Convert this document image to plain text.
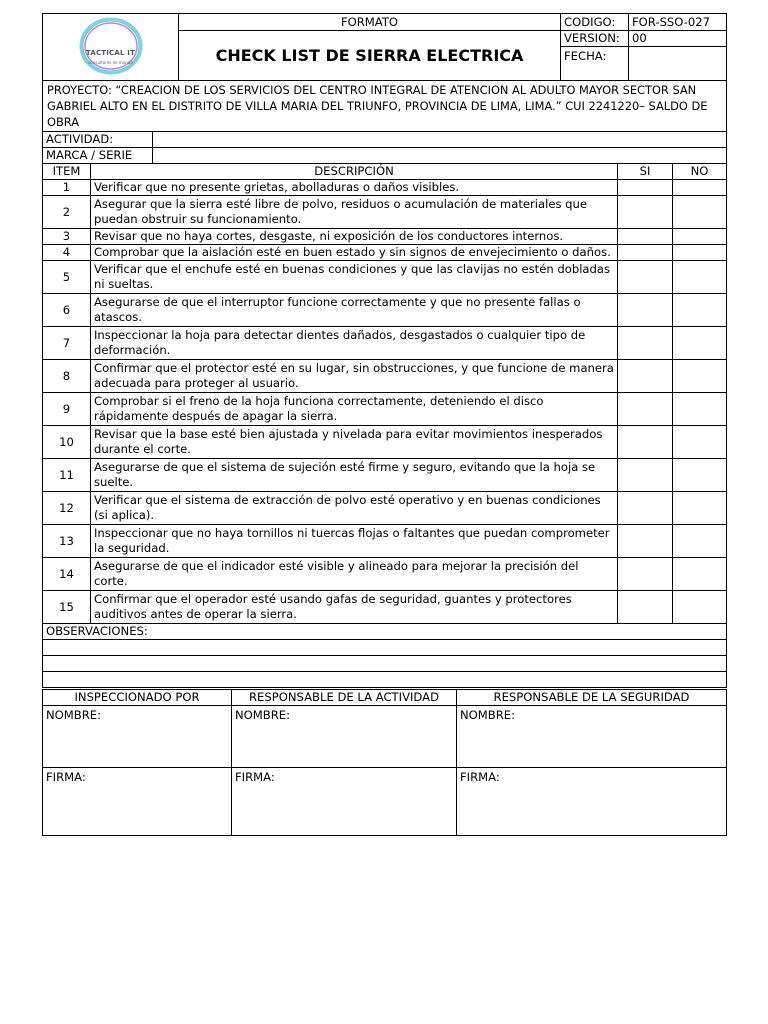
TACTICAL IT
consultores de mundo	FORMATO	CODIGO:	FOR-SSO-027
	CHECK LIST DE SIERRA ELECTRICA	VERSION:	00
		FECHA:	
PROYECTO: “CREACION DE LOS SERVICIOS DEL CENTRO INTEGRAL DE ATENCION AL ADULTO MAYOR SECTOR SAN GABRIEL ALTO EN EL DISTRITO DE VILLA MARIA DEL TRIUNFO, PROVINCIA DE LIMA, LIMA.” CUI 2241220– SALDO DE OBRA	
ACTIVIDAD:	
MARCA / SERIE	
ITEM	DESCRIPCIÓN	SI	NO
1	Verificar que no presente grietas, abolladuras o daños visibles.		
2	Asegurar que la sierra esté libre de polvo, residuos o acumulación de materiales que puedan obstruir su funcionamiento.		
3	Revisar que no haya cortes, desgaste, ni exposición de los conductores internos.		
4	Comprobar que la aislación esté en buen estado y sin signos de envejecimiento o daños.		
5	Verificar que el enchufe esté en buenas condiciones y que las clavijas no estén dobladas ni sueltas.		
6	Asegurarse de que el interruptor funcione correctamente y que no presente fallas o atascos.		
7	Inspeccionar la hoja para detectar dientes dañados, desgastados o cualquier tipo de deformación.		
8	Confirmar que el protector esté en su lugar, sin obstrucciones, y que funcione de manera adecuada para proteger al usuario.		
9	Comprobar si el freno de la hoja funciona correctamente, deteniendo el disco rápidamente después de apagar la sierra.		
10	Revisar que la base esté bien ajustada y nivelada para evitar movimientos inesperados durante el corte.		
11	Asegurarse de que el sistema de sujeción esté firme y seguro, evitando que la hoja se suelte.		
12	Verificar que el sistema de extracción de polvo esté operativo y en buenas condiciones (si aplica).		
13	Inspeccionar que no haya tornillos ni tuercas flojas o faltantes que puedan comprometer la seguridad.		
14	Asegurarse de que el indicador esté visible y alineado para mejorar la precisión del corte.		
15	Confirmar que el operador esté usando gafas de seguridad, guantes y protectores auditivos antes de operar la sierra.		
OBSERVACIONES:			

INSPECCIONADO POR	RESPONSABLE DE LA ACTIVIDAD	RESPONSABLE DE LA SEGURIDAD
NOMBRE:	NOMBRE:	NOMBRE:
FIRMA:	FIRMA:	FIRMA:
